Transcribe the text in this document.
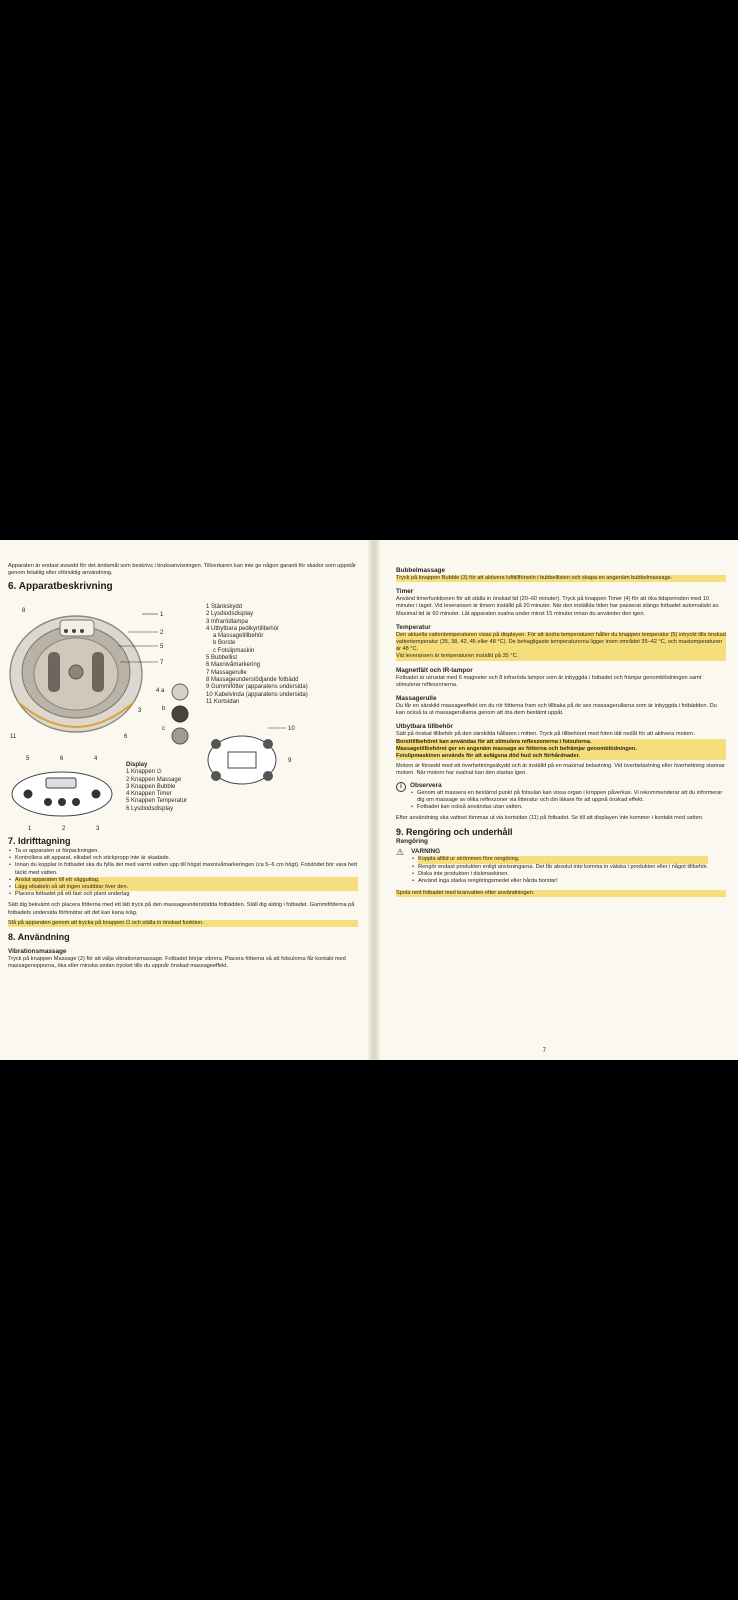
Apparaten är endast avsedd för det ändamål som beskrivs i bruksanvisningen. Tillverkaren kan inte ge någon garanti för skador som uppstår genom felaktig eller oförsiktig användning.

6. Apparatbeskrivning
8
1
2
5
7
4 a
b
c
3
6
11
1 Stänkskydd
2 Lysdiodsdisplay
3 Infrarödlampa
4 Utbytbara pedikyrtillbehör
a Massagetillbehör
b Borste
c Fotslipmaskin
5 Bubbellist
6 Maxnivåmarkering
7 Massagerulle
8 Massageunderstödjande fotbädd
9 Gummifötter (apparatens undersida)
10 Kabelvinda (apparatens undersida)
11 Kortsidan
10
9
5	6	4
1	2	3
Display
1 Knappen ⏻
2 Knappen Massage
3 Knappen Bubble
4 Knappen Timer
5 Knappen Temperatur
6 Lysdiodsdisplay
7. Idrifttagning
• Ta ur apparaten ur förpackningen.
• Kontrollera att apparat, elkabel och stickpropp inte är skadade.
• Innan du kopplar in fotbadet ska du fylla det med varmt vatten upp till högst maxnivåmarkeringen (ca 5–6 cm högt). Fotstödet bör vara helt täckt med vatten.
• Anslut apparaten till ett vägguttag.
• Lägg elkabeln så att ingen snubblar över den.
• Placera fotbadet på ett fast och plant underlag

Sätt dig bekvämt och placera fötterna med ett lätt tryck på den massageunderstödda fotbädden. Ställ dig aldrig i fotbadet. Gummifötterna på fotbadets undersida förhindrar att det kan kana iväg.

Slå på apparaten genom att trycka på knappen ⏻ och ställa in önskad funktion.

8. Användning
Vibrationsmassage

Tryck på knappen Massage (2) för att välja vibrationsmassage. Fotbadet börjar vibrera. Placera fötterna så att fotsulorna får kontakt med massagenopporna, öka eller minska sedan trycket tills du uppnår önskad massageeffekt.

Bubbelmassage

Tryck på knappen Bubble (3) för att aktivera lufttillförseln i bubbellisten och skapa en angenäm bubbelmassage.

Timer

Använd timerfunktionen för att ställa in önskad tid (20–60 minuter). Tryck på knappen Timer (4) för att öka tidsperioden med 10 minuter i taget. Vid leveransen är timern inställd på 20 minuter. När den inställda tiden har passerat stängs fotbadet automatiskt av. Maximal tid är 60 minuter. Låt apparaten svalna under minst 15 minuter innan du använder den igen.

Temperatur

Den aktuella vattentemperaturen visas på displayen. För att ändra temperaturen håller du knappen temperatur (5) intryckt tills önskad vattentemperatur (35, 38, 42, 45 eller 48 °C). De behagligaste temperaturerna ligger inom området 35–42 °C, och maxtemperaturen är 48 °C.

Vid leveransen är temperaturen inställd på 35 °C.

Magnetfält och IR-lampor

Fotbadet är utrustat med 6 magneter och 8 infraröda lampor som är inbyggda i fotbadet och främjar genomblödningen samt stimulerar reflexzonerna.

Massagerulle

Du får en särskild massageeffekt om du rör fötterna fram och tillbaka på de sex massagerullarna som är inbyggda i fotbädden. Du kan också ta ut massagerullarna genom att dra dem bestämt uppåt.

Utbytbara tillbehör

Sätt på önskat tillbehör på den särskilda hållaren i mitten. Tryck på tillbehöret med foten lätt nedåt för att aktivera motorn.

Borsttillbehöret kan användas för att stimulera reflexzonerna i fotsulorna.

Massagetillbehöret ger en angenäm massage av fötterna och befrämjar genomblödningen.

Fotslipmaskinen används för att avlägsna död hud och förhårdnader.

Motorn är försedd med ett överhettningsskydd och är inställd på en maximal belastning. Vid överbelastning eller överhettning stannar motorn. När motorn har svalnat kan den startas igen.

i	Observera
• Genom att massera en bestämd punkt på fotsulan kan vissa organ i kroppen påverkas. Vi rekommenderar att du informerar dig om massage av olika reflexzoner via litteratur och din läkare för att uppnå önskad effekt.
• Fotbadet kan också användas utan vatten.

Efter användning ska vattnet tömmas ut via kortsidan (11) på fotbadet. Se till att displayen inte kommer i kontakt med vatten.

9. Rengöring och underhåll
Rengöring
⚠ VARNING
• Koppla alltid ur strömmen före rengöring.
• Rengör endast produkten enligt anvisningarna. Det får absolut inte komma in vätska i produkten eller i något tillbehör.
• Diska inte produkten i diskmaskinen.
• Använd inga starka rengöringsmedel eller hårda borstar!

Spola rent fotbadet med kranvatten efter användningen.

7
